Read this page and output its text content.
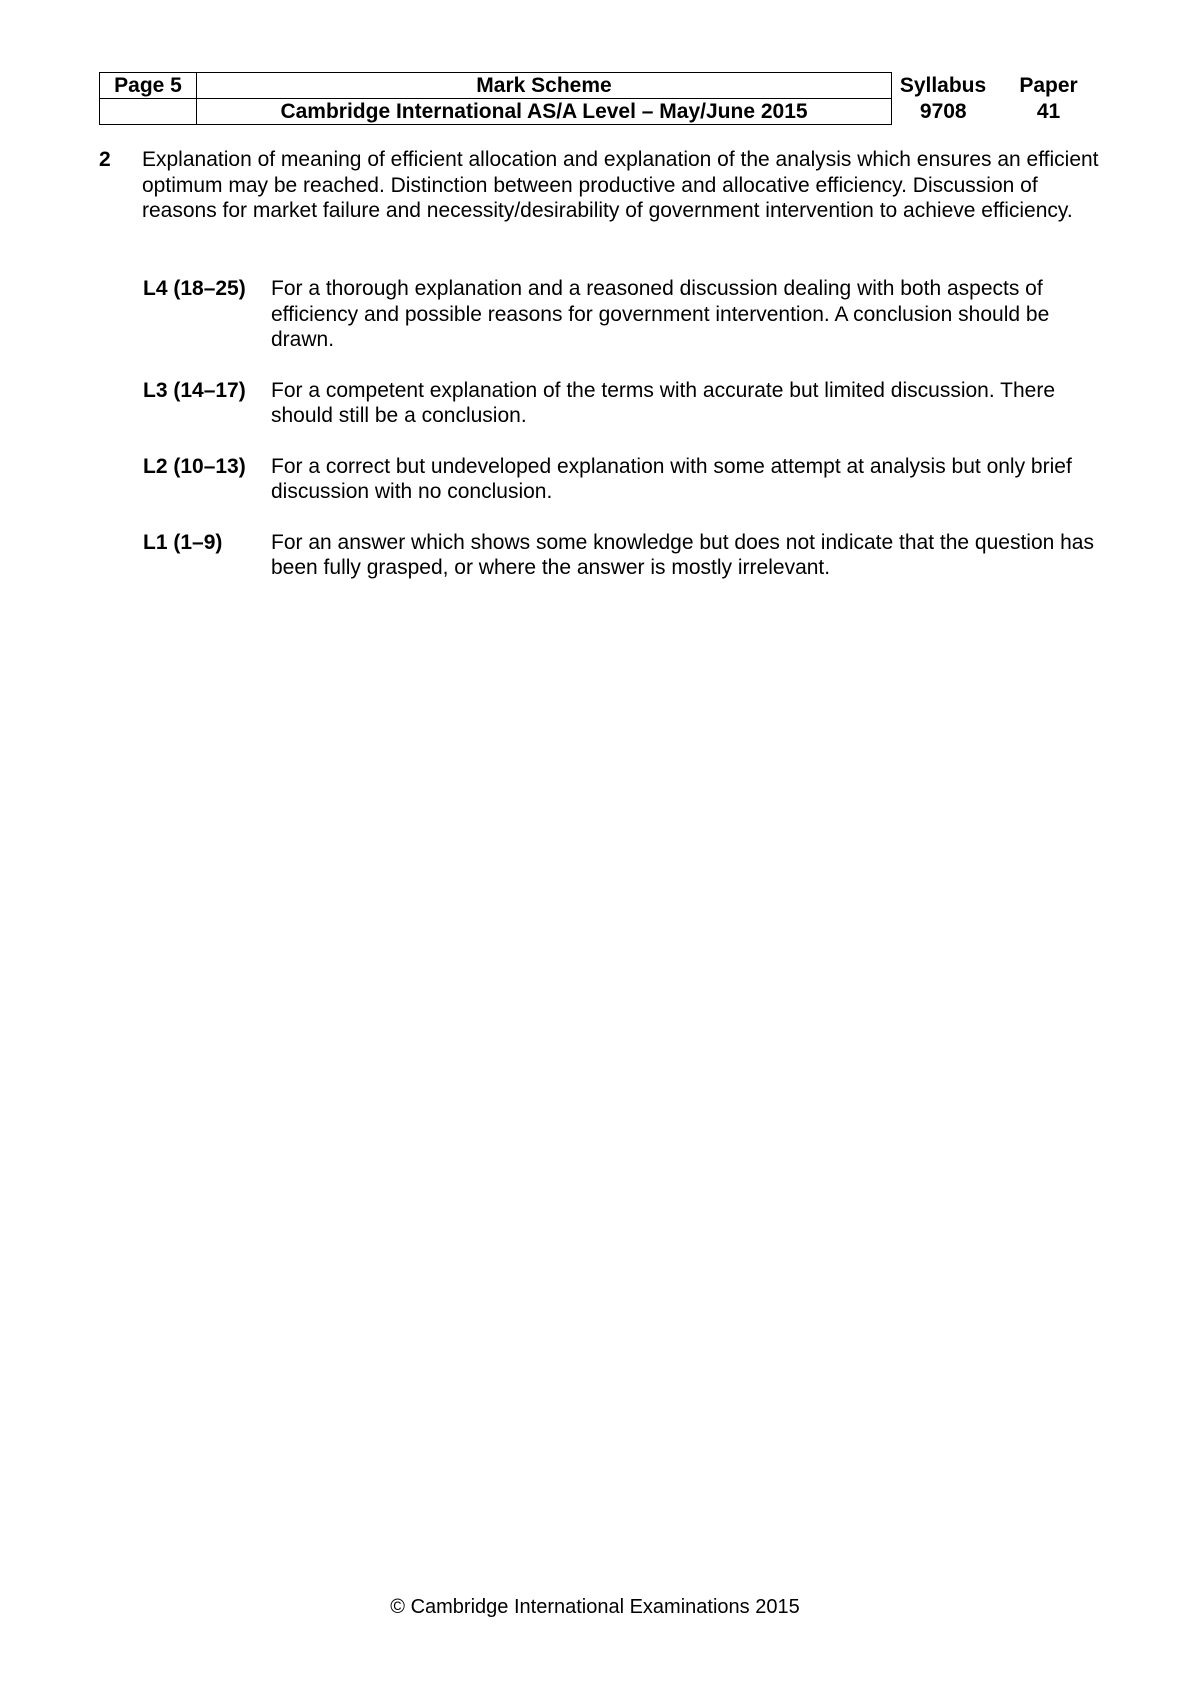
Page 5	Mark Scheme	Syllabus	Paper
	Cambridge International AS/A Level – May/June 2015	9708	41
2 Explanation of meaning of efficient allocation and explanation of the analysis which ensures an efficient optimum may be reached. Distinction between productive and allocative efficiency. Discussion of reasons for market failure and necessity/desirability of government intervention to achieve efficiency.
L4 (18–25) For a thorough explanation and a reasoned discussion dealing with both aspects of efficiency and possible reasons for government intervention. A conclusion should be drawn.
L3 (14–17) For a competent explanation of the terms with accurate but limited discussion. There should still be a conclusion.
L2 (10–13) For a correct but undeveloped explanation with some attempt at analysis but only brief discussion with no conclusion.
L1 (1–9) For an answer which shows some knowledge but does not indicate that the question has been fully grasped, or where the answer is mostly irrelevant.
© Cambridge International Examinations 2015
